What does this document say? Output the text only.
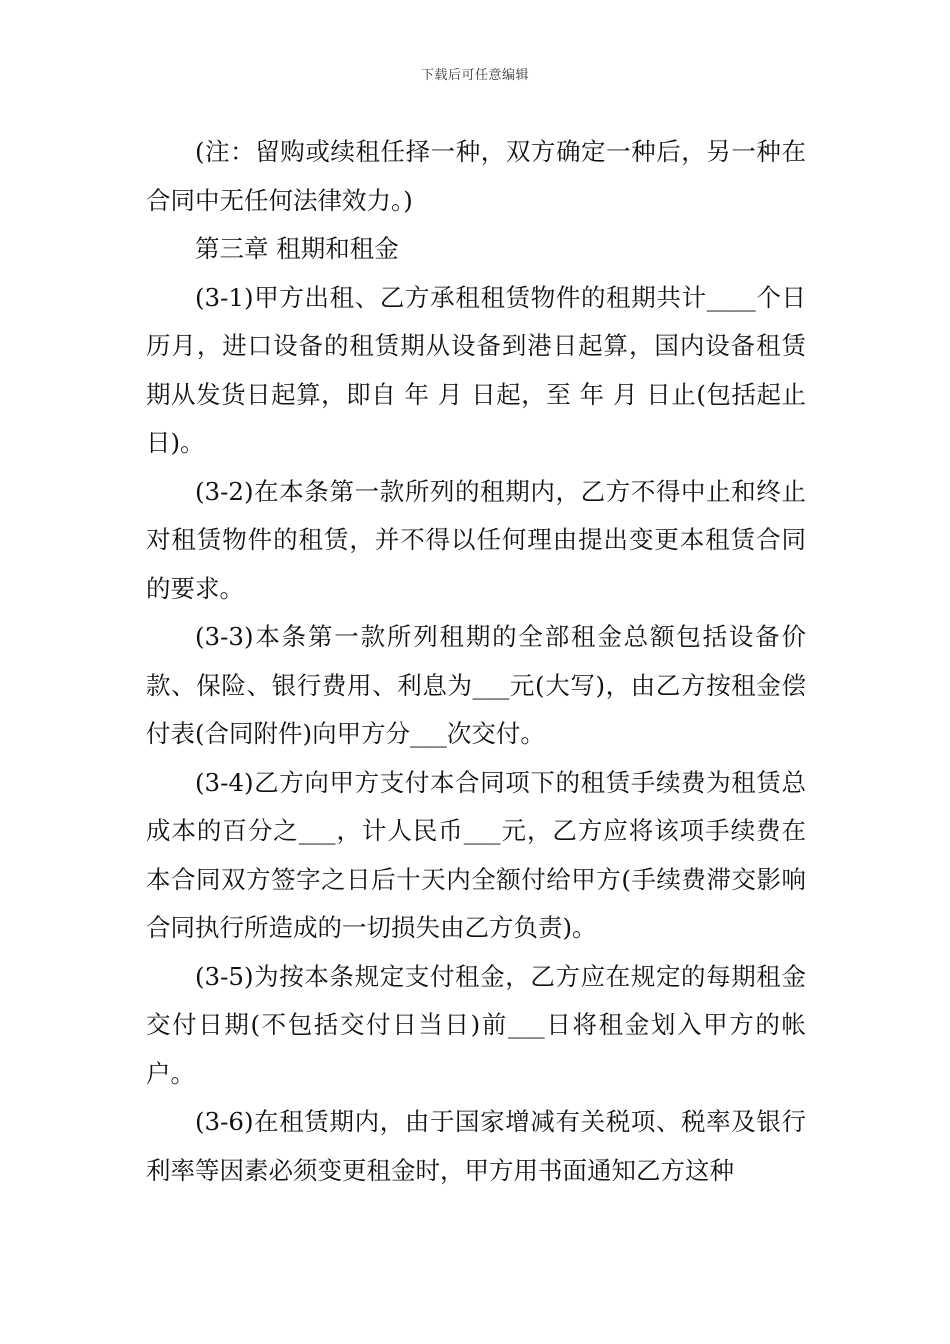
下载后可任意编辑

(注：留购或续租任择一种，双方确定一种后，另一种在合同中无任何法律效力。)

第三章 租期和租金

(3-1)甲方出租、乙方承租租赁物件的租期共计____个日历月，进口设备的租赁期从设备到港日起算，国内设备租赁期从发货日起算，即自 年 月 日起，至 年 月 日止(包括起止日)。

(3-2)在本条第一款所列的租期内，乙方不得中止和终止对租赁物件的租赁，并不得以任何理由提出变更本租赁合同的要求。

(3-3)本条第一款所列租期的全部租金总额包括设备价款、保险、银行费用、利息为___元(大写)，由乙方按租金偿付表(合同附件)向甲方分___次交付。

(3-4)乙方向甲方支付本合同项下的租赁手续费为租赁总成本的百分之___，计人民币___元，乙方应将该项手续费在本合同双方签字之日后十天内全额付给甲方(手续费滞交影响合同执行所造成的一切损失由乙方负责)。

(3-5)为按本条规定支付租金，乙方应在规定的每期租金交付日期(不包括交付日当日)前___日将租金划入甲方的帐户。

(3-6)在租赁期内，由于国家增减有关税项、税率及银行利率等因素必须变更租金时，甲方用书面通知乙方这种
